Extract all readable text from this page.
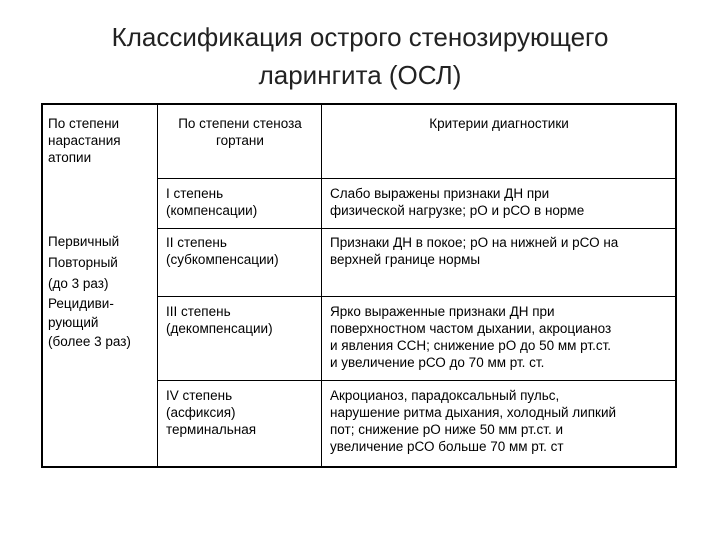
Классификация острого стенозирующего
ларингита (ОСЛ)
По степени
нарастания
атопии
По степени стеноза
гортани
Критерии диагностики
Первичный
Повторный
(до 3 раз)
Рецидиви-
рующий
(более 3 раз)
I степень
(компенсации)
Слабо выражены признаки ДН при
физической нагрузке; рО и рСО в норме
II степень
(субкомпенсации)
Признаки ДН в покое; рО на нижней и рСО на
верхней границе нормы
III степень
(декомпенсации)
Ярко выраженные признаки ДН при
поверхностном частом дыхании, акроцианоз
и явления ССН; снижение рО до 50 мм рт.ст.
и увеличение рСО до 70 мм рт. ст.
IV степень
(асфиксия)
терминальная
Акроцианоз, парадоксальный пульс,
нарушение ритма дыхания, холодный липкий
пот; снижение рО ниже 50 мм рт.ст. и
увеличение рСО больше 70 мм рт. ст
